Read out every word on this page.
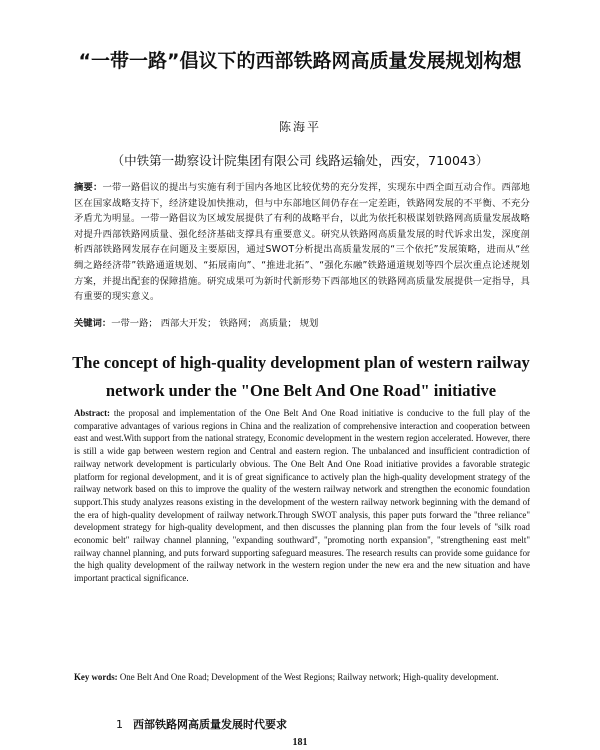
“一带一路”倡议下的西部铁路网高质量发展规划构想
陈海平
（中铁第一勘察设计院集团有限公司 线路运输处，西安，710043）
摘要：一带一路倡议的提出与实施有利于国内各地区比较优势的充分发挥，实现东中西全面互动合作。西部地区在国家战略支持下，经济建设加快推动，但与中东部地区间仍存在一定差距，铁路网发展的不平衡、不充分矛盾尤为明显。一带一路倡议为区域发展提供了有利的战略平台，以此为依托积极谋划铁路网高质量发展战略对提升西部铁路网质量、强化经济基础支撑具有重要意义。研究从铁路网高质量发展的时代诉求出发，深度剖析西部铁路网发展存在问题及主要原因，通过SWOT分析提出高质量发展的“三个依托”发展策略，进而从“丝绸之路经济带”铁路通道规划、“拓展南向”、“推进北拓”、“强化东融”铁路通道规划等四个层次重点论述规划方案，并提出配套的保障措施。研究成果可为新时代新形势下西部地区的铁路网高质量发展提供一定指导，具有重要的现实意义。
关键词：一带一路； 西部大开发； 铁路网； 高质量； 规划
The concept of high-quality development plan of western railway network under the "One Belt And One Road" initiative
Abstract: the proposal and implementation of the One Belt And One Road initiative is conducive to the full play of the comparative advantages of various regions in China and the realization of comprehensive interaction and cooperation between east and west.With support from the national strategy, Economic development in the western region accelerated. However, there is still a wide gap between western region and Central and eastern region. The unbalanced and insufficient contradiction of railway network development is particularly obvious. The One Belt And One Road initiative provides a favorable strategic platform for regional development, and it is of great significance to actively plan the high-quality development strategy of the railway network based on this to improve the quality of the western railway network and strengthen the economic foundation support.This study analyzes reasons existing in the development of the western railway network beginning with the demand of the era of high-quality development of railway network.Through SWOT analysis, this paper puts forward the "three reliance" development strategy for high-quality development, and then discusses the planning plan from the four levels of "silk road economic belt" railway channel planning, "expanding southward", "promoting north expansion", "strengthening east melt" railway channel planning, and puts forward supporting safeguard measures. The research results can provide some guidance for the high quality development of the railway network in the western region under the new era and the new situation and have important practical significance.
Key words: One Belt And One Road; Development of the West Regions; Railway network; High-quality development.
1 西部铁路网高质量发展时代要求
181
